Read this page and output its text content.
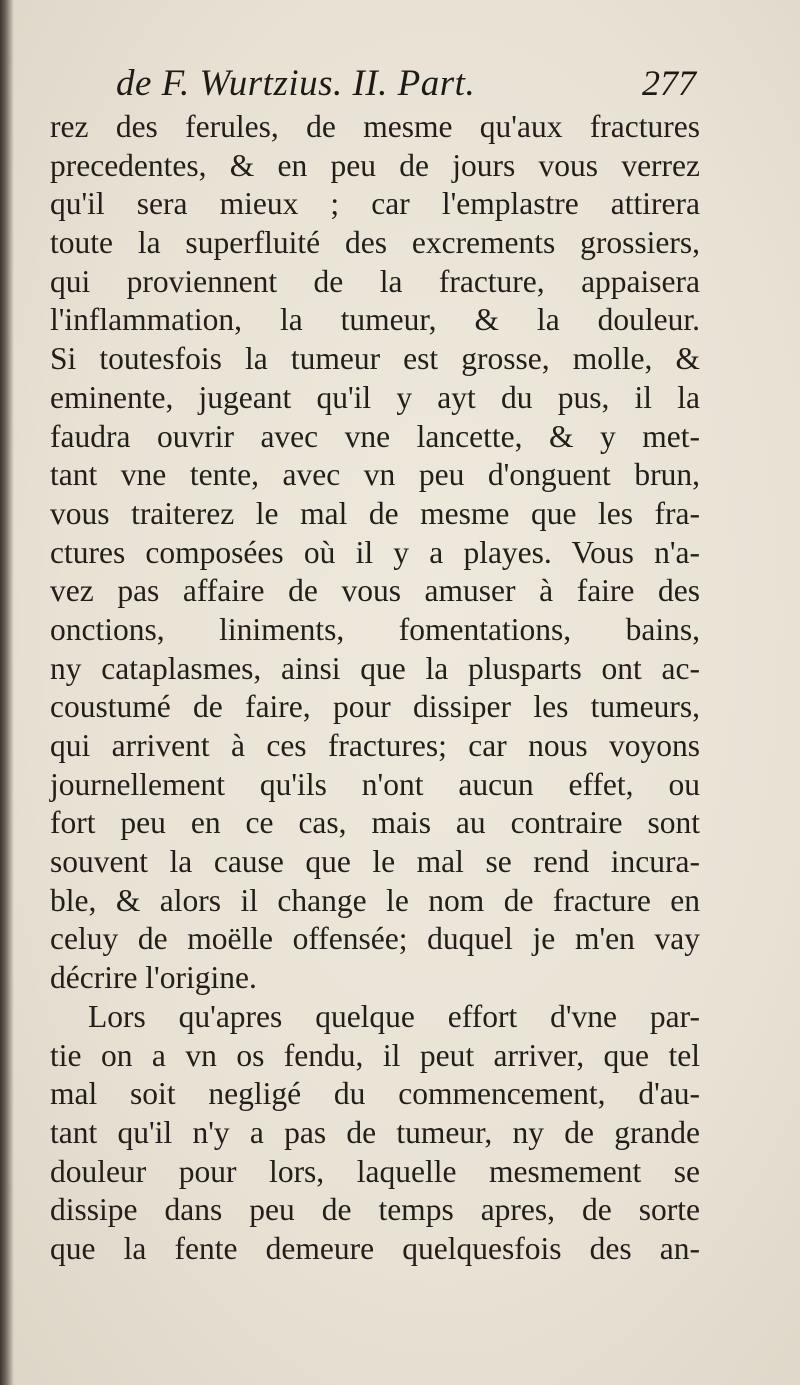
de F. Wurtzius. II. Part.	277
rez des ferules, de mesme qu'aux fractures
precedentes, & en peu de jours vous verrez
qu'il sera mieux ; car l'emplastre attirera
toute la superfluité des excrements grossiers,
qui proviennent de la fracture, appaisera
l'inflammation, la tumeur, & la douleur.
Si toutesfois la tumeur est grosse, molle, &
eminente, jugeant qu'il y ayt du pus, il la
faudra ouvrir avec vne lancette, & y met-
tant vne tente, avec vn peu d'onguent brun,
vous traiterez le mal de mesme que les fra-
ctures composées où il y a playes. Vous n'a-
vez pas affaire de vous amuser à faire des
onctions, liniments, fomentations, bains,
ny cataplasmes, ainsi que la plusparts ont ac-
coustumé de faire, pour dissiper les tumeurs,
qui arrivent à ces fractures; car nous voyons
journellement qu'ils n'ont aucun effet, ou
fort peu en ce cas, mais au contraire sont
souvent la cause que le mal se rend incura-
ble, & alors il change le nom de fracture en
celuy de moëlle offensée; duquel je m'en vay
décrire l'origine.
Lors qu'apres quelque effort d'vne par-
tie on a vn os fendu, il peut arriver, que tel
mal soit negligé du commencement, d'au-
tant qu'il n'y a pas de tumeur, ny de grande
douleur pour lors, laquelle mesmement se
dissipe dans peu de temps apres, de sorte
que la fente demeure quelquesfois des an-
